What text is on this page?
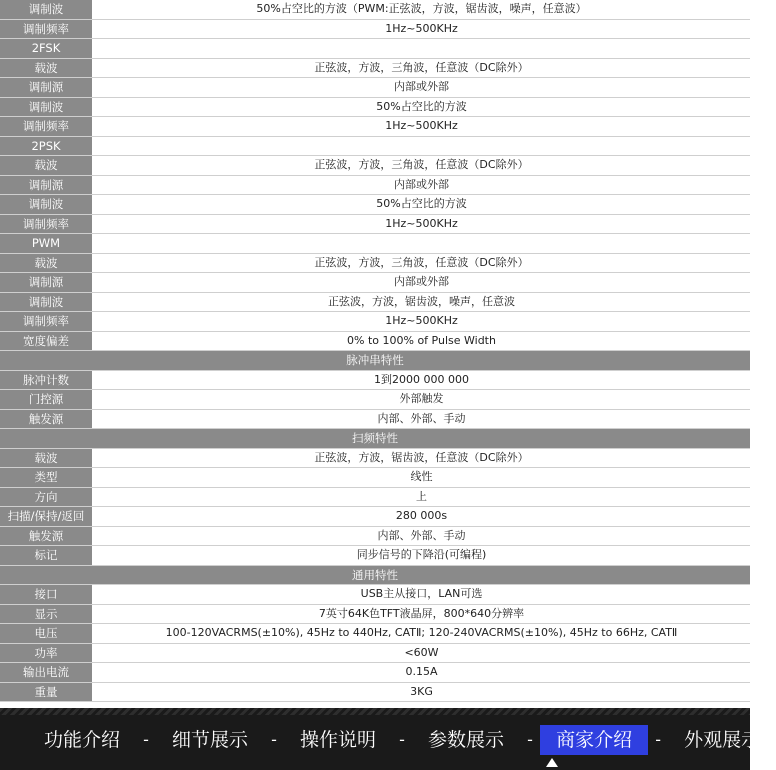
调制波	50%占空比的方波（PWM:正弦波，方波，锯齿波，噪声，任意波）
调制频率	1Hz~500KHz
2FSK
载波	正弦波，方波，三角波，任意波（DC除外）
调制源	内部或外部
调制波	50%占空比的方波
调制频率	1Hz~500KHz
2PSK
载波	正弦波，方波，三角波，任意波（DC除外）
调制源	内部或外部
调制波	50%占空比的方波
调制频率	1Hz~500KHz
PWM
载波	正弦波，方波，三角波，任意波（DC除外）
调制源	内部或外部
调制波	正弦波，方波，锯齿波，噪声，任意波
调制频率	1Hz~500KHz
宽度偏差	0% to 100% of Pulse Width
脉冲串特性
脉冲计数	1到2000 000 000
门控源	外部触发
触发源	内部、外部、手动
扫频特性
载波	正弦波，方波，锯齿波，任意波（DC除外）
类型	线性
方向	上
扫描/保持/返回	280 000s
触发源	内部、外部、手动
标记	同步信号的下降沿(可编程)
通用特性
接口	USB主从接口，LAN可选
显示	7英寸64K色TFT液晶屏，800*640分辨率
电压	100-120VACRMS(±10%), 45Hz to 440Hz, CATⅡ; 120-240VACRMS(±10%), 45Hz to 66Hz, CATⅡ
功率	<60W
输出电流	0.15A
重量	3KG
功能介绍	-	细节展示	-	操作说明	-	参数展示	-	商家介绍	-	外观展示
